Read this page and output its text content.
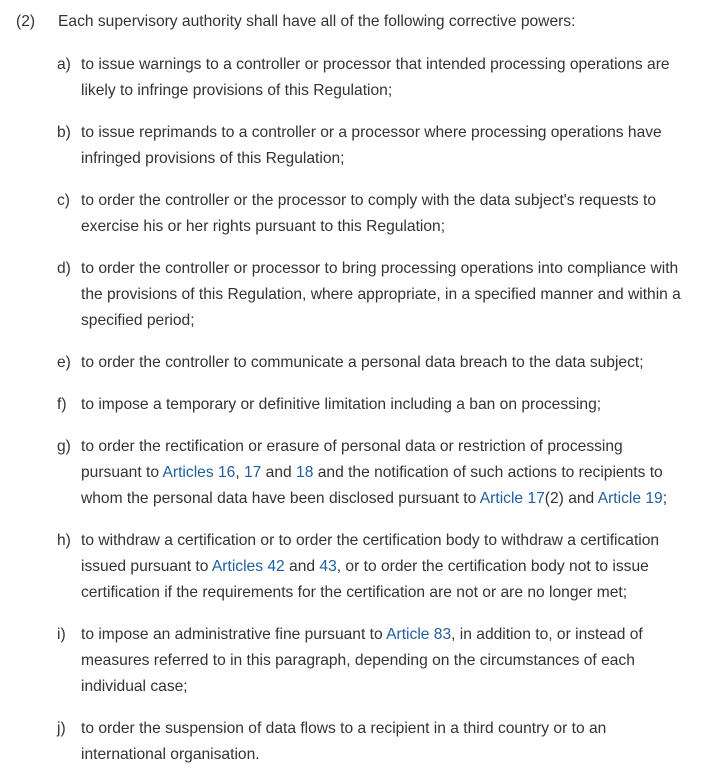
(2)	Each supervisory authority shall have all of the following corrective powers:
a) to issue warnings to a controller or processor that intended processing operations are
likely to infringe provisions of this Regulation;
b) to issue reprimands to a controller or a processor where processing operations have
infringed provisions of this Regulation;
c) to order the controller or the processor to comply with the data subject's requests to
exercise his or her rights pursuant to this Regulation;
d) to order the controller or processor to bring processing operations into compliance with
the provisions of this Regulation, where appropriate, in a specified manner and within a
specified period;
e) to order the controller to communicate a personal data breach to the data subject;
f) to impose a temporary or definitive limitation including a ban on processing;
g) to order the rectification or erasure of personal data or restriction of processing
pursuant to Articles 16, 17 and 18 and the notification of such actions to recipients to
whom the personal data have been disclosed pursuant to Article 17(2) and Article 19;
h) to withdraw a certification or to order the certification body to withdraw a certification
issued pursuant to Articles 42 and 43, or to order the certification body not to issue
certification if the requirements for the certification are not or are no longer met;
i) to impose an administrative fine pursuant to Article 83, in addition to, or instead of
measures referred to in this paragraph, depending on the circumstances of each
individual case;
j) to order the suspension of data flows to a recipient in a third country or to an
international organisation.
